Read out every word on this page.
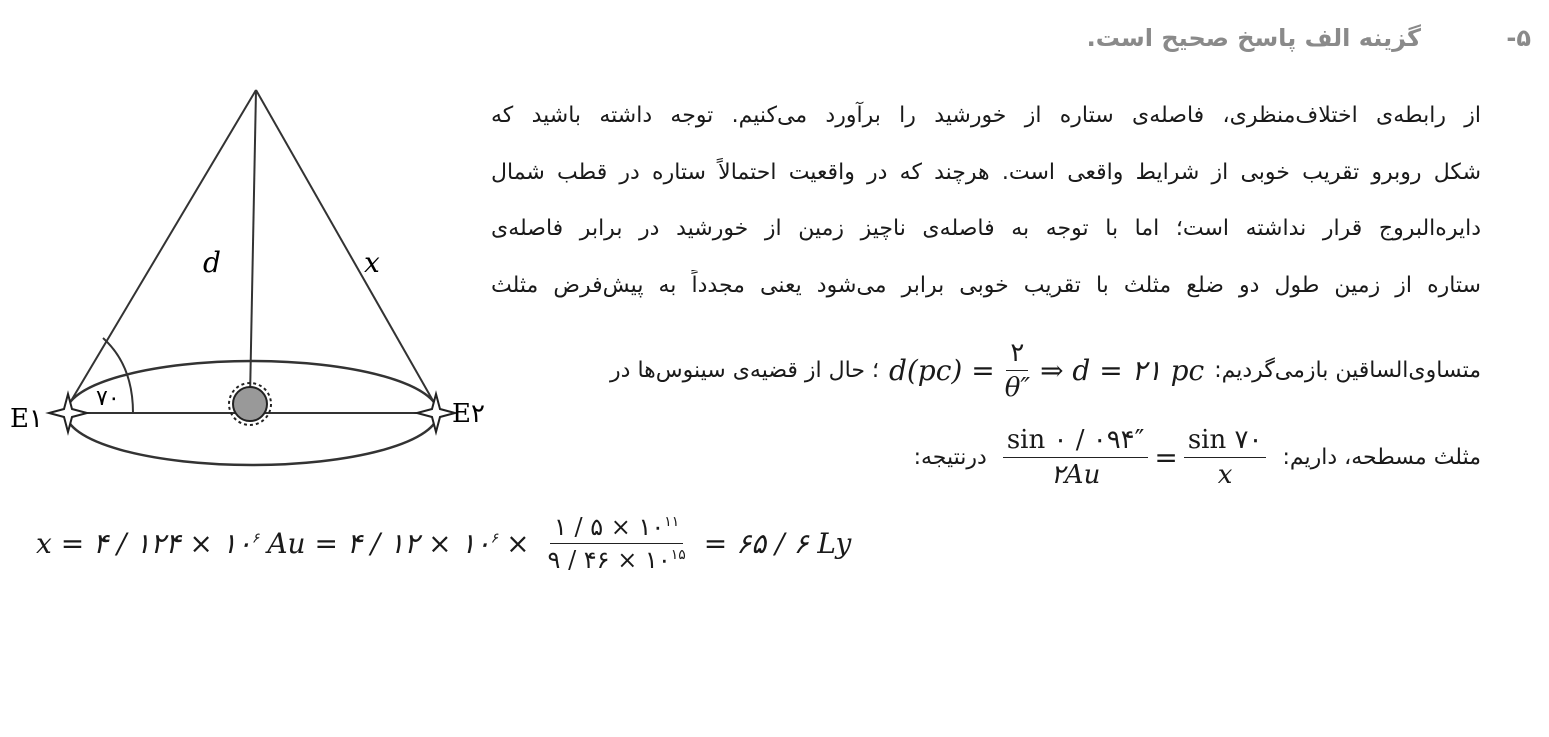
۵-
گزینه الف پاسخ صحیح است.
از رابطه‌ی اختلاف‌منظری، فاصله‌ی ستاره از خورشید را برآورد می‌کنیم. توجه داشته باشید که
شکل روبرو تقریب خوبی از شرایط واقعی است. هرچند که در واقعیت احتمالاً ستاره در قطب شمال
دایره‌البروج قرار نداشته است؛ اما با توجه به فاصله‌ی ناچیز زمین از خورشید در برابر فاصله‌ی
ستاره از زمین طول دو ضلع مثلث با تقریب خوبی برابر می‌شود یعنی مجدداً به پیش‌فرض مثلث
متساوی‌الساقین بازمی‌گردیم:
$d(pc) = \frac{۲}{\theta''}$ ⇒ d = ۲۱ pc
؛ حال از قضیه‌ی سینوس‌ها در
مثلث مسطحه، داریم:
$\frac{\sin ۰ / ۰۹۴''}{۲Au} = \frac{\sin ۷۰}{x}$
درنتیجه:
x = ۴ / ۱۲۴ × $۱۰^۶$ Au = ۴ / ۱۲ × $۱۰^۶ \times \frac{۱ / ۵ \times ۱۰^{۱۱}}{۹ / ۴۶ \times ۱۰^{۱۵}}$ = ۶۵ / ۶ Ly
d	x
۷۰
E۱	E۲
